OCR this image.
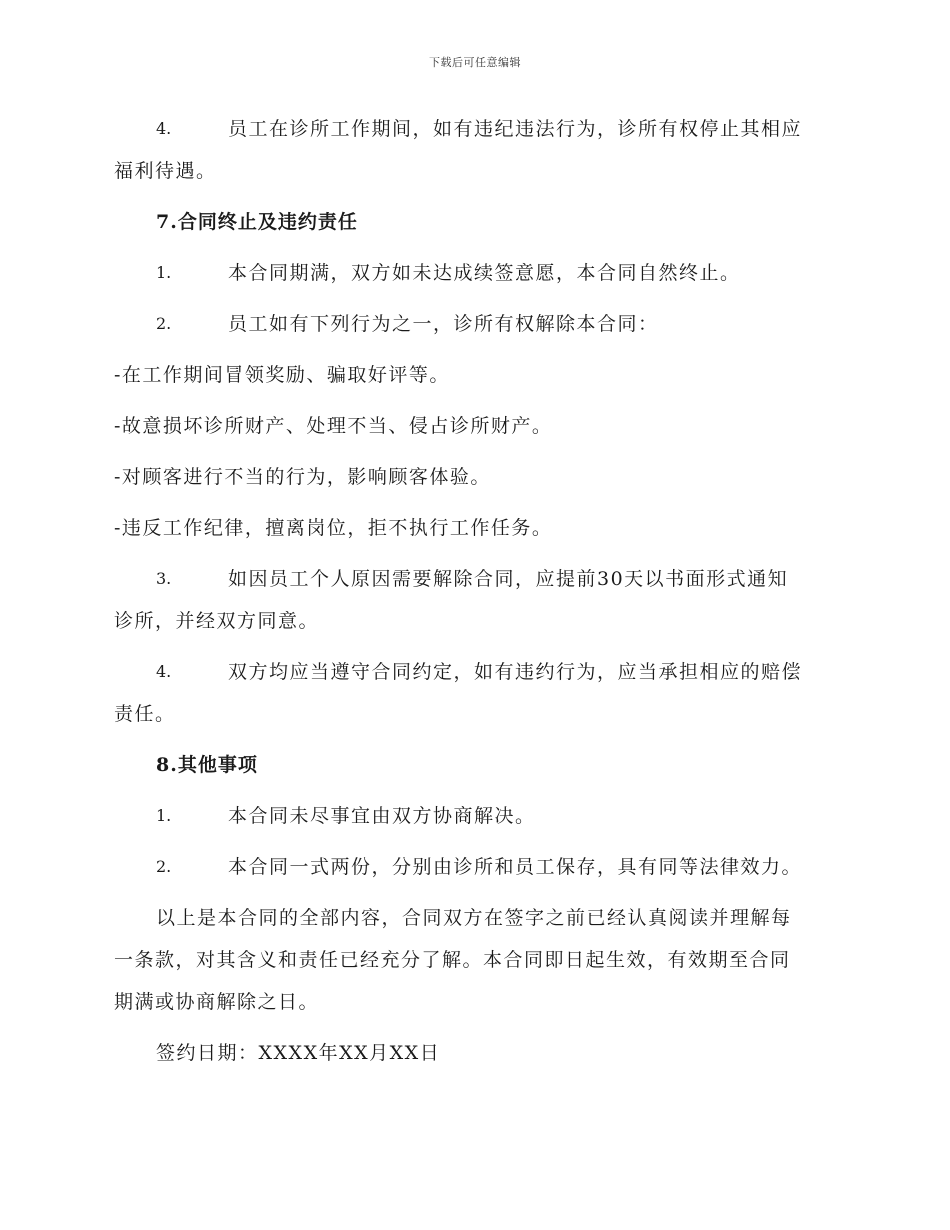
下载后可任意编辑
4.	员工在诊所工作期间，如有违纪违法行为，诊所有权停止其相应
福利待遇。
7.合同终止及违约责任
1.	本合同期满，双方如未达成续签意愿，本合同自然终止。
2.	员工如有下列行为之一，诊所有权解除本合同：
-在工作期间冒领奖励、骗取好评等。
-故意损坏诊所财产、处理不当、侵占诊所财产。
-对顾客进行不当的行为，影响顾客体验。
-违反工作纪律，擅离岗位，拒不执行工作任务。
3.	如因员工个人原因需要解除合同，应提前30天以书面形式通知
诊所，并经双方同意。
4.	双方均应当遵守合同约定，如有违约行为，应当承担相应的赔偿
责任。
8.其他事项
1.	本合同未尽事宜由双方协商解决。
2.	本合同一式两份，分别由诊所和员工保存，具有同等法律效力。
以上是本合同的全部内容，合同双方在签字之前已经认真阅读并理解每
一条款，对其含义和责任已经充分了解。本合同即日起生效，有效期至合同
期满或协商解除之日。
签约日期：XXXX年XX月XX日
